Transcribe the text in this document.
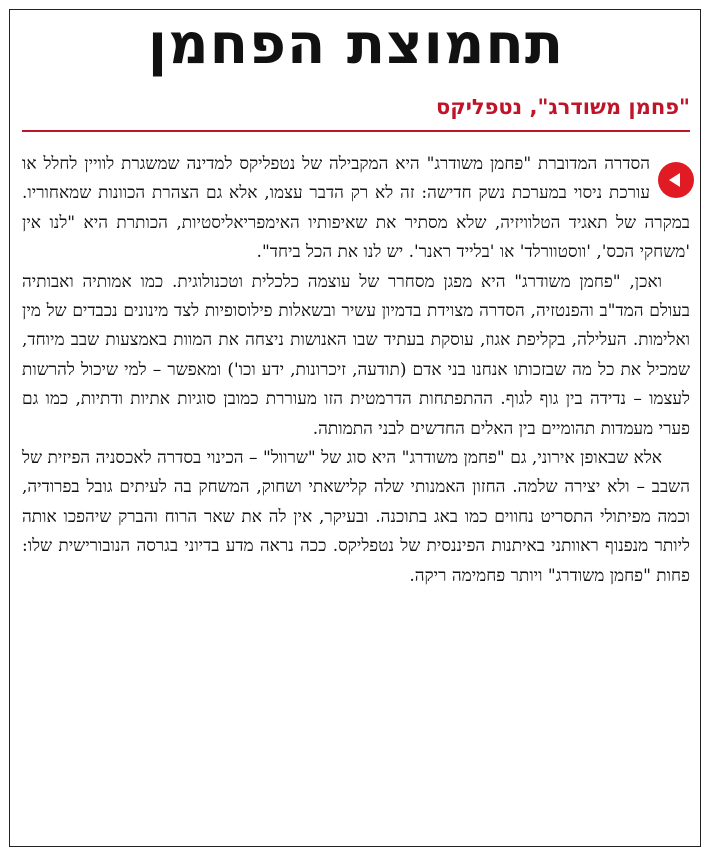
תחמוצת הפחמן
"פחמן משודרג", נטפליקס

הסדרה המדוברת "פחמן משודרג" היא המקבילה של נטפליקס למדינה שמשגרת לוויין לחלל או עורכת ניסוי במערכת נשק חדישה: זה לא רק הדבר עצמו, אלא גם הצהרת הכוונות שמאחוריו. במקרה של תאגיד הטלוויזיה, שלא מסתיר את שאיפותיו האימפריאליסטיות, הכותרת היא "לנו אין 'משחקי הכס', 'ווסטוורלד' או 'בלייד ראנר'. יש לנו את הכל ביחד".

ואכן, "פחמן משודרג" היא מפגן מסחרר של עוצמה כלכלית וטכנולוגית. כמו אמותיה ואבותיה בעולם המד"ב והפנטזיה, הסדרה מצוידת בדמיון עשיר ובשאלות פילוסופיות לצד מינונים נכבדים של מין ואלימות. העלילה, בקליפת אגוז, עוסקת בעתיד שבו האנושות ניצחה את המוות באמצעות שבב מיוחד, שמכיל את כל מה שבזכותו אנחנו בני אדם (תודעה, זיכרונות, ידע וכו') ומאפשר – למי שיכול להרשות לעצמו – נדידה בין גוף לגוף. ההתפתחות הדרמטית הזו מעוררת כמובן סוגיות אתיות ודתיות, כמו גם פערי מעמדות תהומיים בין האלים החדשים לבני התמותה.

אלא שבאופן אירוני, גם "פחמן משודרג" היא סוג של "שרוול" – הכינוי בסדרה לאכסניה הפיזית של השבב – ולא יצירה שלמה. החזון האמנותי שלה קלישאתי ושחוק, המשחק בה לעיתים גובל בפרודיה, וכמה מפיתולי התסריט נחווים כמו באג בתוכנה. ובעיקר, אין לה את שאר הרוח והברק שיהפכו אותה ליותר מנפנוף ראוותני באיתנות הפיננסית של נטפליקס. ככה נראה מדע בדיוני בגרסה הנובורישית שלו: פחות "פחמן משודרג" ויותר פחמימה ריקה.
